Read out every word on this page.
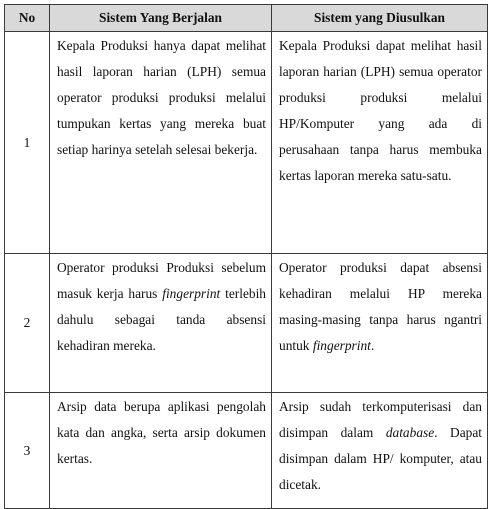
No	Sistem Yang Berjalan	Sistem yang Diusulkan
1	Kepala Produksi hanya dapat melihat hasil laporan harian (LPH) semua operator produksi produksi melalui tumpukan kertas yang mereka buat setiap harinya setelah selesai bekerja.	Kepala Produksi dapat melihat hasil laporan harian (LPH) semua operator produksi produksi melalui HP/Komputer yang ada di perusahaan tanpa harus membuka kertas laporan mereka satu-satu.
2	Operator produksi Produksi sebelum masuk kerja harus fingerprint terlebih dahulu sebagai tanda absensi kehadiran mereka.	Operator produksi dapat absensi kehadiran melalui HP mereka masing-masing tanpa harus ngantri untuk fingerprint.
3	Arsip data berupa aplikasi pengolah kata dan angka, serta arsip dokumen kertas.	Arsip sudah terkomputerisasi dan disimpan dalam database. Dapat disimpan dalam HP/ komputer, atau dicetak.
